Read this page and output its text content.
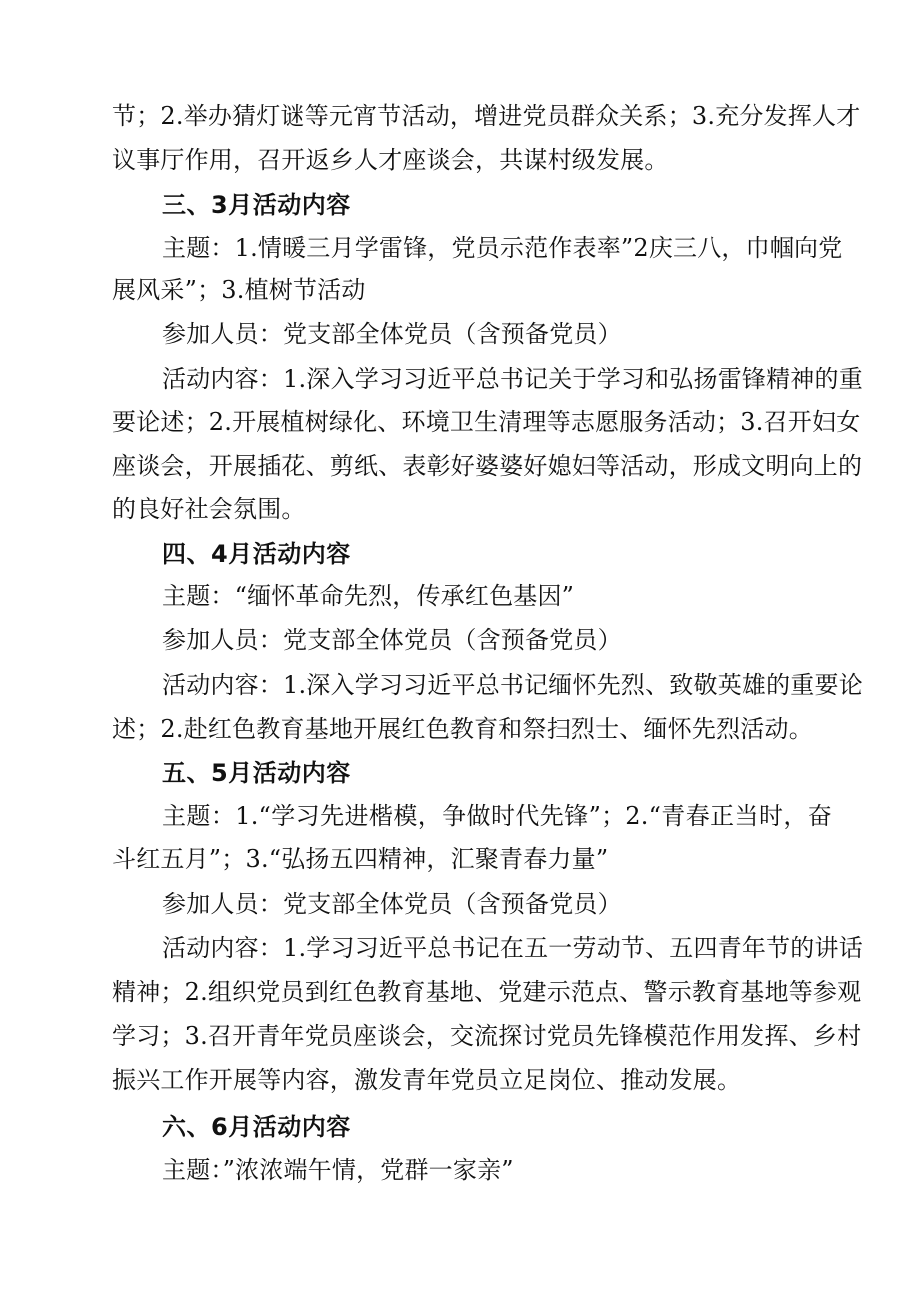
节；2.举办猜灯谜等元宵节活动，增进党员群众关系；3.充分发挥人才
议事厅作用，召开返乡人才座谈会，共谋村级发展。
三、3月活动内容
主题：1.情暖三月学雷锋，党员示范作表率”2庆三八，巾帼向党
展风采”；3.植树节活动
参加人员：党支部全体党员（含预备党员）
活动内容：1.深入学习习近平总书记关于学习和弘扬雷锋精神的重
要论述；2.开展植树绿化、环境卫生清理等志愿服务活动；3.召开妇女
座谈会，开展插花、剪纸、表彰好婆婆好媳妇等活动，形成文明向上的
的良好社会氛围。
四、4月活动内容
主题：“缅怀革命先烈，传承红色基因”
参加人员：党支部全体党员（含预备党员）
活动内容：1.深入学习习近平总书记缅怀先烈、致敬英雄的重要论
述；2.赴红色教育基地开展红色教育和祭扫烈士、缅怀先烈活动。
五、5月活动内容
主题：1.“学习先进楷模，争做时代先锋”；2.“青春正当时，奋
斗红五月”；3.“弘扬五四精神，汇聚青春力量”
参加人员：党支部全体党员（含预备党员）
活动内容：1.学习习近平总书记在五一劳动节、五四青年节的讲话
精神；2.组织党员到红色教育基地、党建示范点、警示教育基地等参观
学习；3.召开青年党员座谈会，交流探讨党员先锋模范作用发挥、乡村
振兴工作开展等内容，激发青年党员立足岗位、推动发展。
六、6月活动内容
主题：”浓浓端午情，党群一家亲”
